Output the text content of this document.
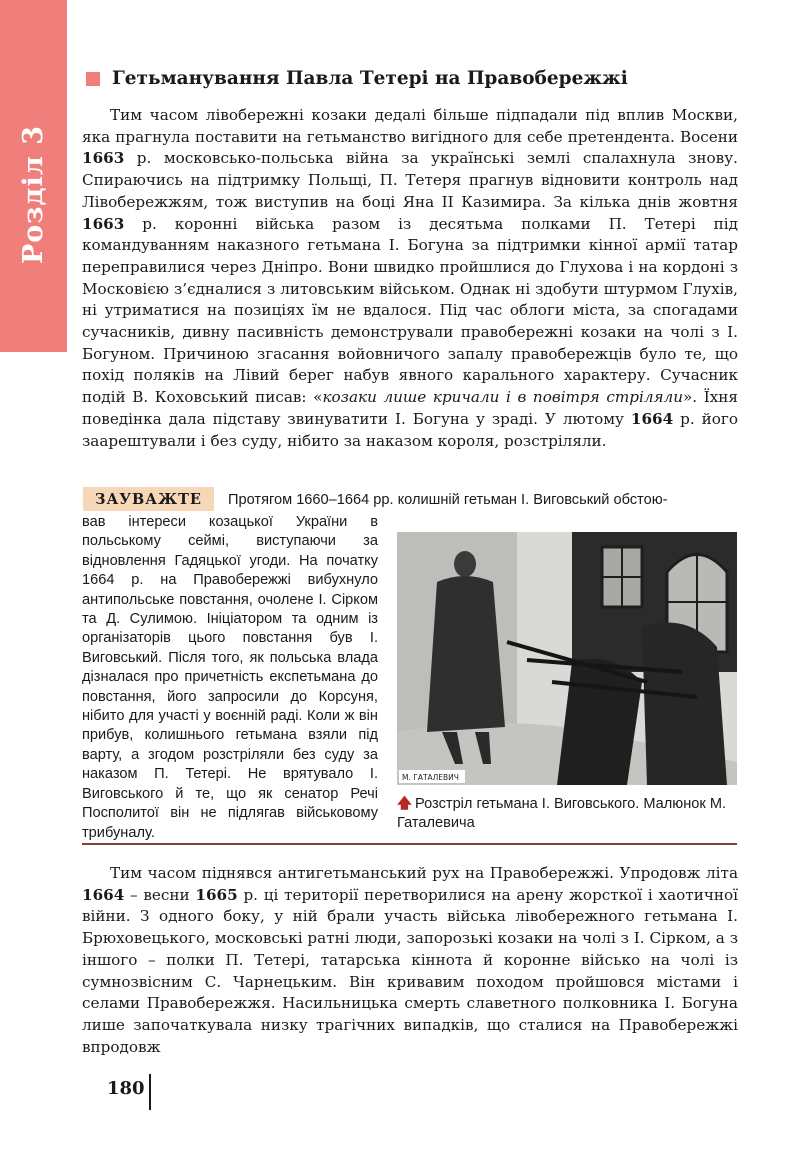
Розділ 3
Гетьманування Павла Тетері на Правобережжі

Тим часом лівобережні козаки дедалі більше підпадали під вплив Москви, яка прагнула поставити на гетьманство вигідного для себе претендента. Восени 1663 р. московсько-польська війна за українські землі спалахнула знову. Спираючись на підтримку Польщі, П. Тетеря прагнув відновити контроль над Лівобережжям, тож виступив на боці Яна II Казимира. За кілька днів жовтня 1663 р. коронні війська разом із десятьма полками П. Тетері під командуванням наказного гетьмана І. Богуна за підтримки кінної армії татар переправилися через Дніпро. Вони швидко пройшлися до Глухова і на кордоні з Московією з’єдналися з литовським військом. Однак ні здобути штурмом Глухів, ні утриматися на позиціях їм не вдалося. Під час облоги міста, за спогадами сучасників, дивну пасивність демонстрували правобережні козаки на чолі з І. Богуном. Причиною згасання войовничого запалу правобережців було те, що похід поляків на Лівий берег набув явного карального характеру. Сучасник подій В. Коховський писав: «козаки лише кричали і в повітря стріляли». Їхня поведінка дала підставу звинуватити І. Богуна у зраді. У лютому 1664 р. його заарештували і без суду, нібито за наказом короля, розстріляли.

ЗАУВАЖТЕ	Протягом 1660–1664 рр. колишній гетьман І. Виговський обстою-

вав інтереси козацької України в польському сеймі, виступаючи за відновлення Гадяцької угоди. На початку 1664 р. на Правобережжі вибухнуло антипольське повстання, очолене І. Сірком та Д. Сулимою. Ініціатором та одним із організаторів цього повстання був І. Виговський. Після того, як польська влада дізналася про причетність експетьмана до повстання, його запросили до Корсуня, нібито для участі у воєнній раді. Коли ж він прибув, колишнього гетьмана взяли під варту, а згодом розстріляли без суду за наказом П. Тетері. Не врятувало І. Виговського й те, що як сенатор Речі Посполитої він не підлягав військовому трибуналу.

М. ГАТАЛЕВИЧ
🡅 Розстріл гетьмана І. Виговського. Малюнок М. Гаталевича

Тим часом піднявся антигетьманський рух на Правобережжі. Упродовж літа 1664 – весни 1665 р. ці території перетворилися на арену жорсткої і хаотичної війни. З одного боку, у ній брали участь війська лівобережного гетьмана І. Брюховецького, московські ратні люди, запорозькі козаки на чолі з І. Сірком, а з іншого – полки П. Тетері, татарська кіннота й коронне військо на чолі із сумнозвісним С. Чарнецьким. Він кривавим походом пройшовся містами і селами Правобережжя. Насильницька смерть славетного полковника І. Богуна лише започаткувала низку трагічних випадків, що сталися на Правобережжі впродовж

180
